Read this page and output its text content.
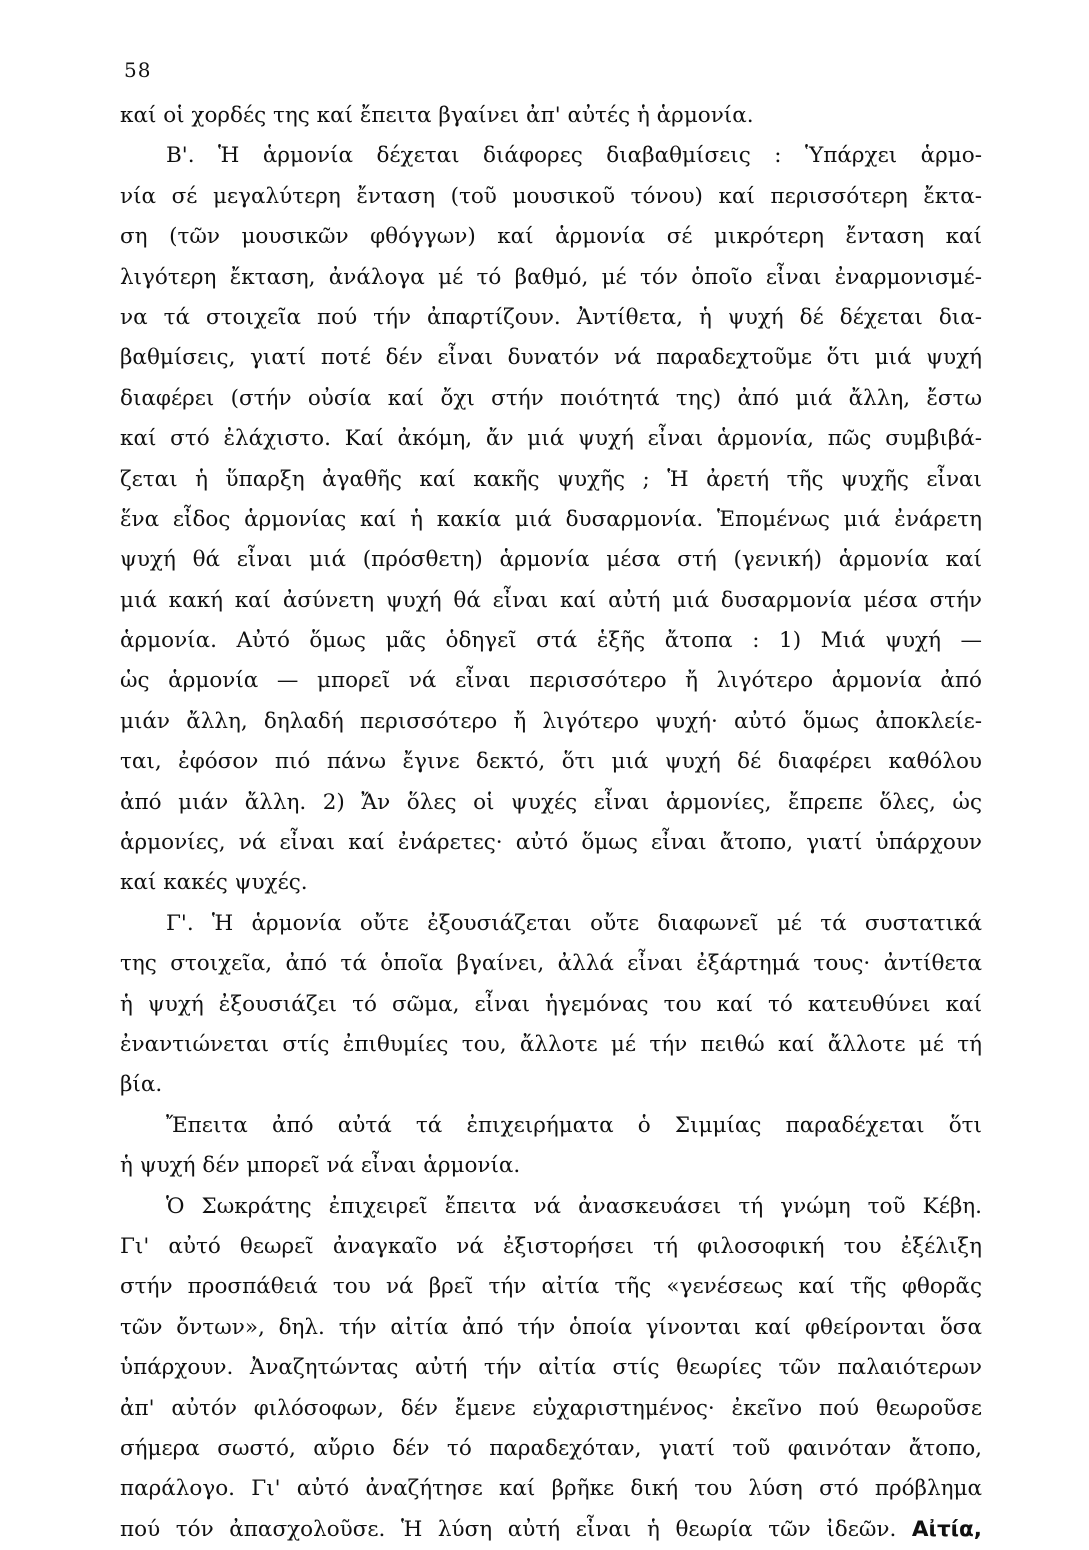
58
καί οἱ χορδές της καί ἔπειτα βγαίνει ἀπ' αὐτές ἡ ἁρμονία.
Β'. Ἡ ἁρμονία δέχεται διάφορες διαβαθμίσεις : Ὑπάρχει ἁρμο-
νία σέ μεγαλύτερη ἔνταση (τοῦ μουσικοῦ τόνου) καί περισσότερη ἔκτα-
ση (τῶν μουσικῶν φθόγγων) καί ἁρμονία σέ μικρότερη ἔνταση καί
λιγότερη ἔκταση, ἀνάλογα μέ τό βαθμό, μέ τόν ὁποῖο εἶναι ἐναρμονισμέ-
να τά στοιχεῖα πού τήν ἀπαρτίζουν. Ἀντίθετα, ἡ ψυχή δέ δέχεται δια-
βαθμίσεις, γιατί ποτέ δέν εἶναι δυνατόν νά παραδεχτοῦμε ὅτι μιά ψυχή
διαφέρει (στήν οὐσία καί ὄχι στήν ποιότητά της) ἀπό μιά ἄλλη, ἔστω
καί στό ἐλάχιστο. Καί ἀκόμη, ἄν μιά ψυχή εἶναι ἁρμονία, πῶς συμβιβά-
ζεται ἡ ὕπαρξη ἀγαθῆς καί κακῆς ψυχῆς ; Ἡ ἀρετή τῆς ψυχῆς εἶναι
ἕνα εἶδος ἁρμονίας καί ἡ κακία μιά δυσαρμονία. Ἑπομένως μιά ἐνάρετη
ψυχή θά εἶναι μιά (πρόσθετη) ἁρμονία μέσα στή (γενική) ἁρμονία καί
μιά κακή καί ἀσύνετη ψυχή θά εἶναι καί αὐτή μιά δυσαρμονία μέσα στήν
ἁρμονία. Αὐτό ὅμως μᾶς ὁδηγεῖ στά ἑξῆς ἄτοπα : 1) Μιά ψυχή —
ὡς ἁρμονία — μπορεῖ νά εἶναι περισσότερο ἤ λιγότερο ἁρμονία ἀπό
μιάν ἄλλη, δηλαδή περισσότερο ἤ λιγότερο ψυχή· αὐτό ὅμως ἀποκλείε-
ται, ἐφόσον πιό πάνω ἔγινε δεκτό, ὅτι μιά ψυχή δέ διαφέρει καθόλου
ἀπό μιάν ἄλλη. 2) Ἄν ὅλες οἱ ψυχές εἶναι ἁρμονίες, ἔπρεπε ὅλες, ὡς
ἁρμονίες, νά εἶναι καί ἐνάρετες· αὐτό ὅμως εἶναι ἄτοπο, γιατί ὑπάρχουν
καί κακές ψυχές.
Γ'. Ἡ ἁρμονία οὔτε ἐξουσιάζεται οὔτε διαφωνεῖ μέ τά συστατικά
της στοιχεῖα, ἀπό τά ὁποῖα βγαίνει, ἀλλά εἶναι ἐξάρτημά τους· ἀντίθετα
ἡ ψυχή ἐξουσιάζει τό σῶμα, εἶναι ἡγεμόνας του καί τό κατευθύνει καί
ἐναντιώνεται στίς ἐπιθυμίες του, ἄλλοτε μέ τήν πειθώ καί ἄλλοτε μέ τή
βία.
Ἔπειτα ἀπό αὐτά τά ἐπιχειρήματα ὁ Σιμμίας παραδέχεται ὅτι
ἡ ψυχή δέν μπορεῖ νά εἶναι ἁρμονία.
Ὁ Σωκράτης ἐπιχειρεῖ ἔπειτα νά ἀνασκευάσει τή γνώμη τοῦ Κέβη.
Γι' αὐτό θεωρεῖ ἀναγκαῖο νά ἐξιστορήσει τή φιλοσοφική του ἐξέλιξη
στήν προσπάθειά του νά βρεῖ τήν αἰτία τῆς «γενέσεως καί τῆς φθορᾶς
τῶν ὄντων», δηλ. τήν αἰτία ἀπό τήν ὁποία γίνονται καί φθείρονται ὅσα
ὑπάρχουν. Ἀναζητώντας αὐτή τήν αἰτία στίς θεωρίες τῶν παλαιότερων
ἀπ' αὐτόν φιλόσοφων, δέν ἔμενε εὐχαριστημένος· ἐκεῖνο πού θεωροῦσε
σήμερα σωστό, αὔριο δέν τό παραδεχόταν, γιατί τοῦ φαινόταν ἄτοπο,
παράλογο. Γι' αὐτό ἀναζήτησε καί βρῆκε δική του λύση στό πρόβλημα
πού τόν ἀπασχολοῦσε. Ἡ λύση αὐτή εἶναι ἡ θεωρία τῶν ἰδεῶν. Αἰτία,
